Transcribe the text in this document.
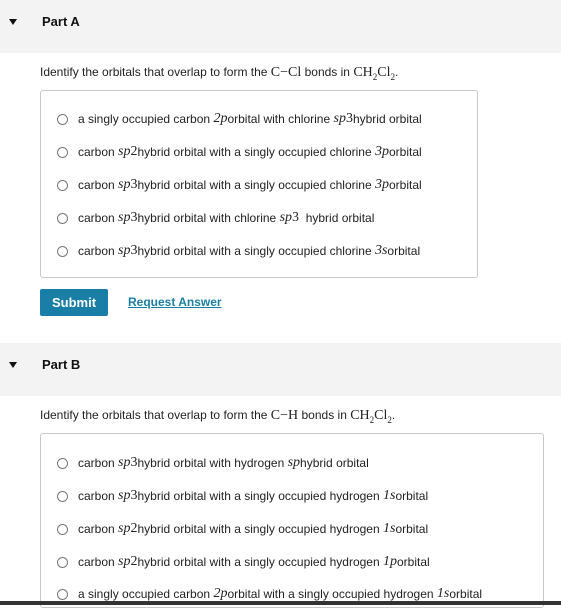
Part A
Identify the orbitals that overlap to form the C−Cl bonds in $CH_2Cl_2$.
a singly occupied carbon
2p orbital with chlorine
sp 3 hybrid orbital
carbon
sp 2 hybrid orbital with a singly occupied chlorine
3p orbital
carbon
sp 3 hybrid orbital with a singly occupied chlorine
3p orbital
carbon
sp 3 hybrid orbital with chlorine
sp 3 hybrid orbital
carbon
sp 3 hybrid orbital with a singly occupied chlorine
3s orbital
Submit	Request Answer
Part B
Identify the orbitals that overlap to form the C−H bonds in $CH_2Cl_2$.
carbon
sp 3 hybrid orbital with hydrogen
sp hybrid orbital
carbon
sp 3 hybrid orbital with a singly occupied hydrogen
1s orbital
carbon
sp 2 hybrid orbital with a singly occupied hydrogen
1s orbital
carbon
sp 2 hybrid orbital with a singly occupied hydrogen
1p orbital
a singly occupied carbon
2p orbital with a singly occupied hydrogen
1s orbital
